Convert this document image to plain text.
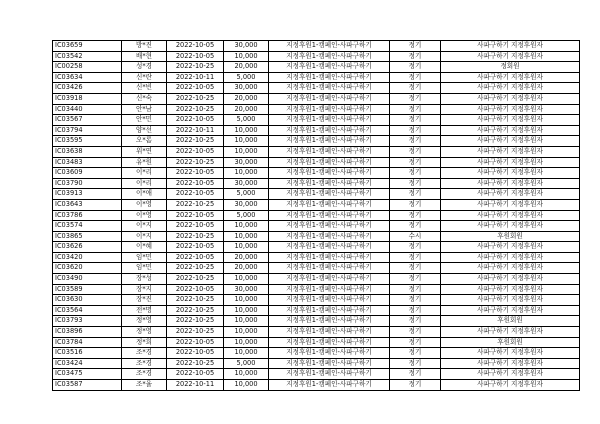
IC03659	방*진	2022-10-05	30,000	지정후원1-캠페인-사파구하기	정기	사파구하기 지정후원자
IC03542	배*현	2022-10-05	10,000	지정후원1-캠페인-사파구하기	정기	사파구하기 지정후원자
IC00258	성*경	2022-10-25	20,000	지정후원1-캠페인-사파구하기	정기	정회원
IC03634	신*란	2022-10-11	5,000	지정후원1-캠페인-사파구하기	정기	사파구하기 지정후원자
IC03426	신*빈	2022-10-05	30,000	지정후원1-캠페인-사파구하기	정기	사파구하기 지정후원자
IC03918	신*숙	2022-10-25	20,000	지정후원1-캠페인-사파구하기	정기	사파구하기 지정후원자
IC03440	안*남	2022-10-25	20,000	지정후원1-캠페인-사파구하기	정기	사파구하기 지정후원자
IC03567	안*민	2022-10-05	5,000	지정후원1-캠페인-사파구하기	정기	사파구하기 지정후원자
IC03794	양*선	2022-10-11	10,000	지정후원1-캠페인-사파구하기	정기	사파구하기 지정후원자
IC03595	오*롬	2022-10-25	10,000	지정후원1-캠페인-사파구하기	정기	사파구하기 지정후원자
IC03638	위*연	2022-10-05	10,000	지정후원1-캠페인-사파구하기	정기	사파구하기 지정후원자
IC03483	유*원	2022-10-25	30,000	지정후원1-캠페인-사파구하기	정기	사파구하기 지정후원자
IC03609	이*리	2022-10-05	10,000	지정후원1-캠페인-사파구하기	정기	사파구하기 지정후원자
IC03790	이*리	2022-10-05	30,000	지정후원1-캠페인-사파구하기	정기	사파구하기 지정후원자
IC03913	이*애	2022-10-05	5,000	지정후원1-캠페인-사파구하기	정기	사파구하기 지정후원자
IC03643	이*영	2022-10-25	30,000	지정후원1-캠페인-사파구하기	정기	사파구하기 지정후원자
IC03786	이*영	2022-10-05	5,000	지정후원1-캠페인-사파구하기	정기	사파구하기 지정후원자
IC03574	이*지	2022-10-05	10,000	지정후원1-캠페인-사파구하기	정기	사파구하기 지정후원자
IC03865	이*지	2022-10-25	10,000	지정후원1-캠페인-사파구하기	수시	후원회원
IC03626	이*혜	2022-10-05	10,000	지정후원1-캠페인-사파구하기	정기	사파구하기 지정후원자
IC03420	임*민	2022-10-05	20,000	지정후원1-캠페인-사파구하기	정기	사파구하기 지정후원자
IC03620	임*민	2022-10-25	20,000	지정후원1-캠페인-사파구하기	정기	사파구하기 지정후원자
IC03490	장*성	2022-10-25	10,000	지정후원1-캠페인-사파구하기	정기	사파구하기 지정후원자
IC03589	장*지	2022-10-05	30,000	지정후원1-캠페인-사파구하기	정기	사파구하기 지정후원자
IC03630	장*진	2022-10-25	10,000	지정후원1-캠페인-사파구하기	정기	사파구하기 지정후원자
IC03564	전*명	2022-10-25	10,000	지정후원1-캠페인-사파구하기	정기	사파구하기 지정후원자
IC03793	정*영	2022-10-25	10,000	지정후원1-캠페인-사파구하기	정기	후원회원
IC03896	정*영	2022-10-25	10,000	지정후원1-캠페인-사파구하기	정기	사파구하기 지정후원자
IC03784	정*희	2022-10-05	10,000	지정후원1-캠페인-사파구하기	정기	후원회원
IC03516	조*경	2022-10-05	10,000	지정후원1-캠페인-사파구하기	정기	사파구하기 지정후원자
IC03424	조*경	2022-10-25	5,000	지정후원1-캠페인-사파구하기	정기	사파구하기 지정후원자
IC03475	조*경	2022-10-05	10,000	지정후원1-캠페인-사파구하기	정기	사파구하기 지정후원자
IC03587	조*율	2022-10-11	10,000	지정후원1-캠페인-사파구하기	정기	사파구하기 지정후원자
